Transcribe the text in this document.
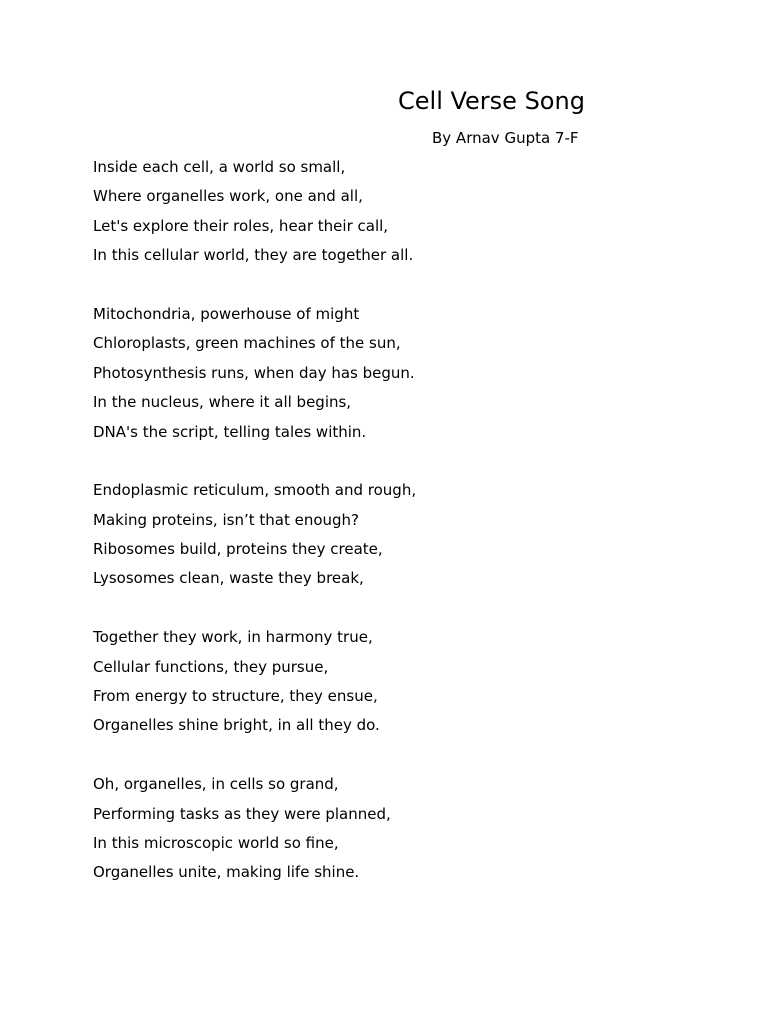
Cell Verse Song
By Arnav Gupta 7-F
Inside each cell, a world so small,
Where organelles work, one and all,
Let's explore their roles, hear their call,
In this cellular world, they are together all.
Mitochondria, powerhouse of might
Chloroplasts, green machines of the sun,
Photosynthesis runs, when day has begun.
In the nucleus, where it all begins,
DNA's the script, telling tales within.
Endoplasmic reticulum, smooth and rough,
Making proteins, isn’t that enough?
Ribosomes build, proteins they create,
Lysosomes clean, waste they break,
Together they work, in harmony true,
Cellular functions, they pursue,
From energy to structure, they ensue,
Organelles shine bright, in all they do.
Oh, organelles, in cells so grand,
Performing tasks as they were planned,
In this microscopic world so fine,
Organelles unite, making life shine.
